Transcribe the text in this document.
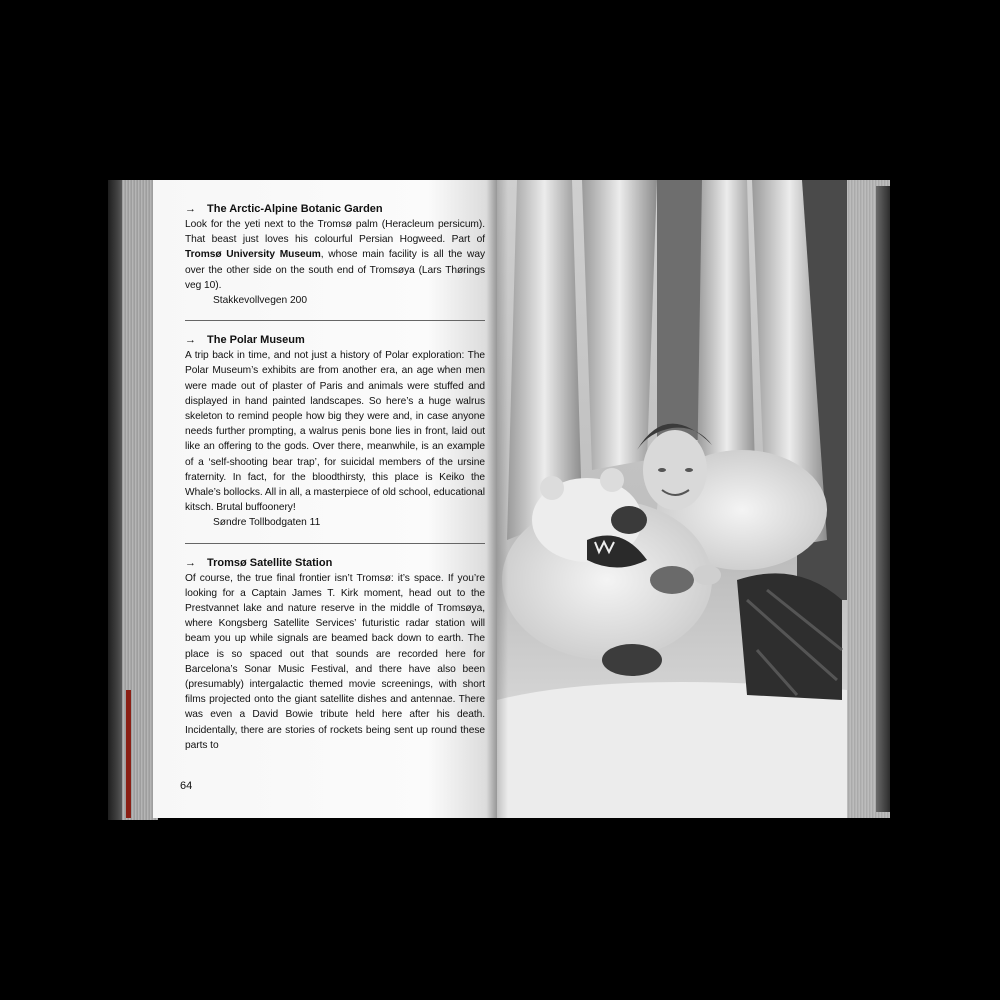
→ The Arctic-Alpine Botanic Garden

Look for the yeti next to the Tromsø palm (Heracleum persicum). That beast just loves his colourful Persian Hogweed. Part of Tromsø University Museum, whose main facility is all the way over the other side on the south end of Tromsøya (Lars Thørings veg 10).

Stakkevollvegen 200

→ The Polar Museum

A trip back in time, and not just a history of Polar exploration: The Polar Museum’s exhibits are from another era, an age when men were made out of plaster of Paris and animals were stuffed and displayed in hand painted landscapes. So here’s a huge walrus skeleton to remind people how big they were and, in case anyone needs further prompting, a walrus penis bone lies in front, laid out like an offering to the gods. Over there, meanwhile, is an example of a ‘self-shooting bear trap’, for suicidal members of the ursine fraternity. In fact, for the bloodthirsty, this place is Keiko the Whale’s bollocks. All in all, a masterpiece of old school, educational kitsch. Brutal buffoonery!

Søndre Tollbodgaten 11

→ Tromsø Satellite Station

Of course, the true final frontier isn’t Tromsø: it’s space. If you’re looking for a Captain James T. Kirk moment, head out to the Prestvannet lake and nature reserve in the middle of Tromsøya, where Kongsberg Satellite Services’ futuristic radar station will beam you up while signals are beamed back down to earth. The place is so spaced out that sounds are recorded here for Barcelona’s Sonar Music Festival, and there have also been (presumably) intergalactic themed movie screenings, with short films projected onto the giant satellite dishes and antennae. There was even a David Bowie tribute held here after his death. Incidentally, there are stories of rockets being sent up round these parts to

64
